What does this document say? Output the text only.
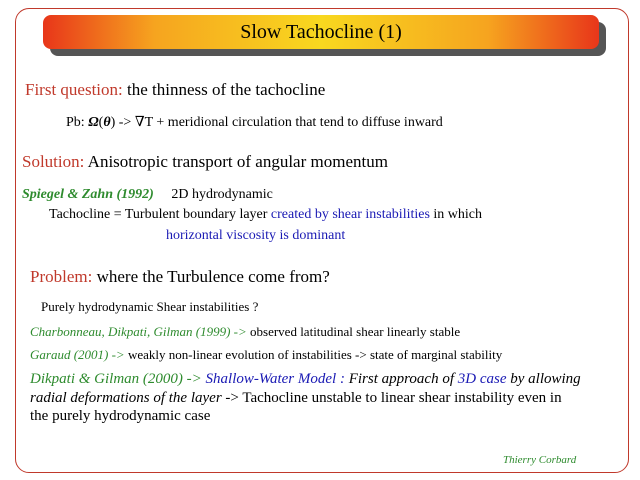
Slow Tachocline (1)
First question: the thinness of the tachocline
Pb: Ω(θ) -> ∇T + meridional circulation that tend to diffuse inward
Solution: Anisotropic transport of angular momentum
Spiegel & Zahn (1992) 2D hydrodynamic
Tachocline = Turbulent boundary layer created by shear instabilities in which
horizontal viscosity is dominant
Problem: where the Turbulence come from?
Purely hydrodynamic Shear instabilities ?
Charbonneau, Dikpati, Gilman (1999) -> observed latitudinal shear linearly stable
Garaud (2001) -> weakly non-linear evolution of instabilities -> state of marginal stability
Dikpati & Gilman (2000) -> Shallow-Water Model : First approach of 3D case by allowing
radial deformations of the layer -> Tachocline unstable to linear shear instability even in
the purely hydrodynamic case
Thierry Corbard
